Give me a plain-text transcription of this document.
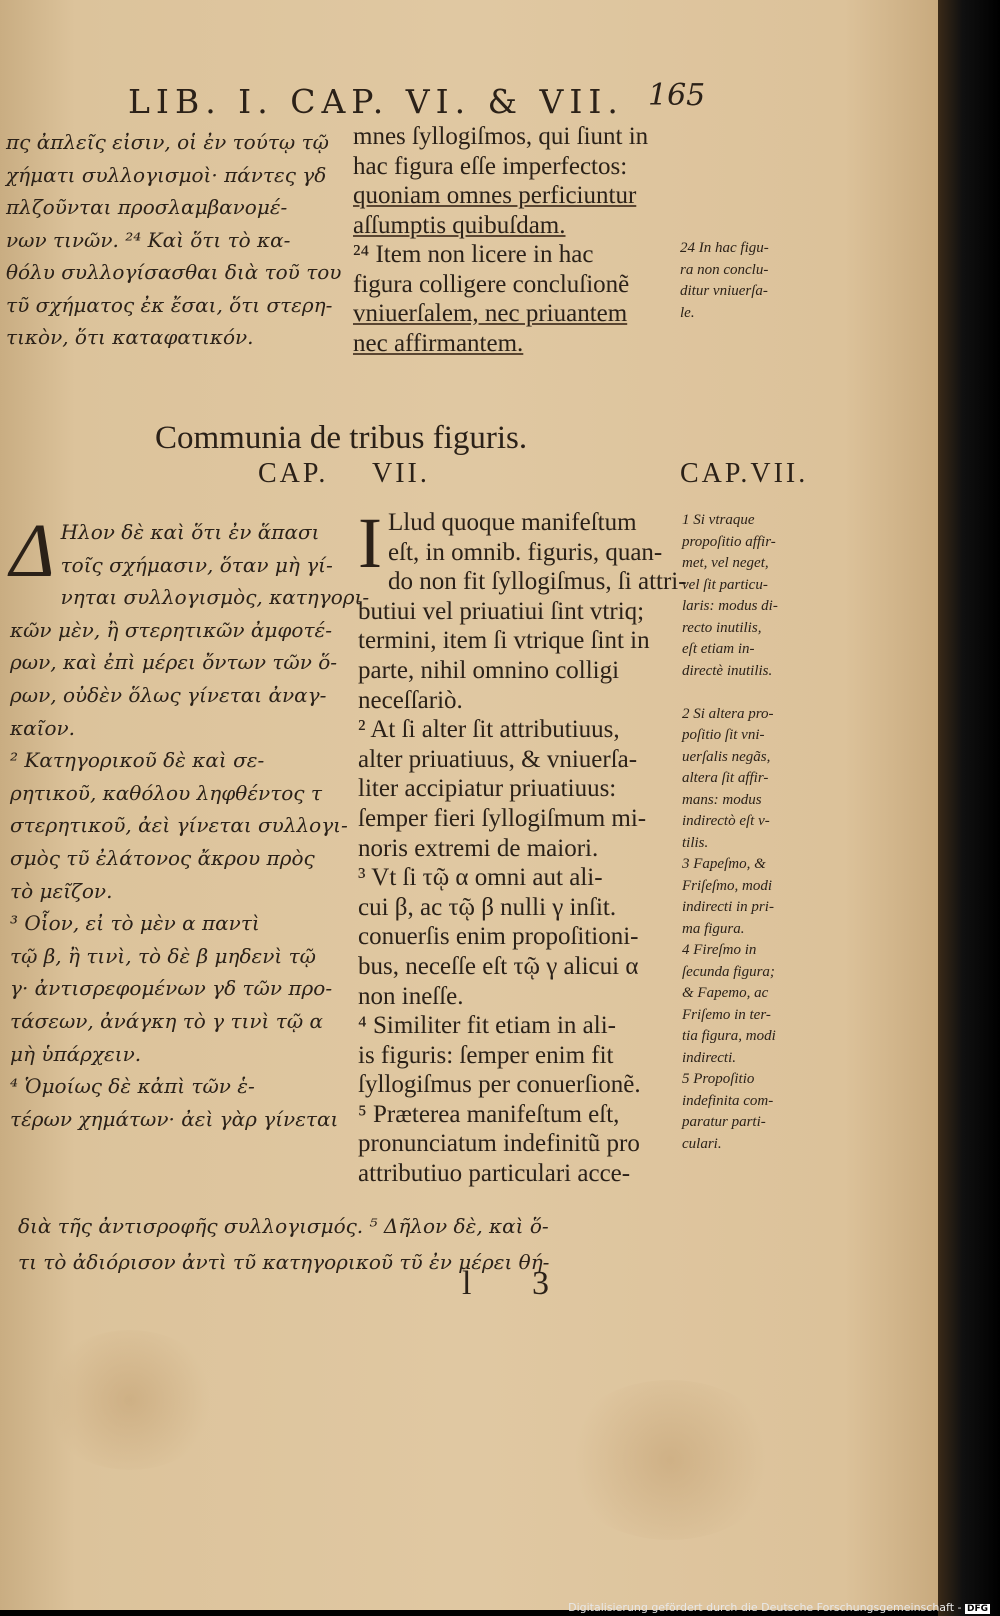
LIB. I. CAP. VI. & VII. 165
πς ἀπλεῖς εἰσιν, οἱ ἐν τούτῳ τῷ
χήματι συλλογισμοὶ· πάντες γδ
πλζοῦνται προσλαμβανομέ-
νων τινῶν. ²⁴ Καὶ ὅτι τὸ κα-
θόλυ συλλογίσασθαι διὰ τοῦ του
τῦ σχήματος ἐκ ἔσαι, ὅτι στερη-
τικὸν, ὅτι καταφατικόν.
mnes ſyllogiſmos, qui ſiunt in
hac figura eſſe imperfectos:
quoniam omnes perficiuntur
aſſumptis quibuſdam.
²⁴ Item non licere in hac
figura colligere concluſionẽ
vniuerſalem, nec priuantem
nec affirmantem.
24 In hac figu-
ra non conclu-
ditur vniuerſa-
le.
Communia de tribus figuris.
CAP. VII.	CAP.VII.
Δ Ηλον δὲ καὶ ὅτι ἐν ἅπασι
τοῖς σχήμασιν, ὅταν μὴ γί-
νηται συλλογισμὸς, κατηγορι-
κῶν μὲν, ἢ στερητικῶν ἀμφοτέ-
ρων, καὶ ἐπὶ μέρει ὄντων τῶν ὅ-
ρων, οὐδὲν ὅλως γίνεται ἀναγ-
καῖον.
² Κατηγορικοῦ δὲ καὶ σε-
ρητικοῦ, καθόλου ληφθέντος τ
στερητικοῦ, ἀεὶ γίνεται συλλογι-
σμὸς τῦ ἐλάτονος ἄκρου πρὸς
τὸ μεῖζον.
³ Οἷον, εἰ τὸ μὲν α παντὶ
τῷ β, ἢ τινὶ, τὸ δὲ β μηδενὶ τῷ
γ· ἀντισρεφομένων γδ τῶν προ-
τάσεων, ἀνάγκη τὸ γ τινὶ τῷ α
μὴ ὑπάρχειν.
⁴ Ὁμοίως δὲ κἀπὶ τῶν ἑ-
τέρων χημάτων· ἀεὶ γὰρ γίνεται
I Llud quoque manifeſtum
eſt, in omnib. figuris, quan-
do non fit ſyllogiſmus, ſi attri-
butiui vel priuatiui ſint vtriq;
termini, item ſi vtrique ſint in
parte, nihil omnino colligi
neceſſariò.
² At ſi alter ſit attributiuus,
alter priuatiuus, & vniuerſa-
liter accipiatur priuatiuus:
ſemper fieri ſyllogiſmum mi-
noris extremi de maiori.
³ Vt ſi τῷ α omni aut ali-
cui β, ac τῷ β nulli γ inſit.
conuerſis enim propoſitioni-
bus, neceſſe eſt τῷ γ alicui α
non ineſſe.
⁴ Similiter fit etiam in ali-
is figuris: ſemper enim fit
ſyllogiſmus per conuerſionẽ.
⁵ Præterea manifeſtum eſt,
pronunciatum indefinitũ pro
attributiuo particulari acce-
1 Si vtraque
propoſitio affir-
met, vel neget,
vel ſit particu-
laris: modus di-
recto inutilis,
eſt etiam in-
directè inutilis.

2 Si altera pro-
poſitio ſit vni-
uerſalis negãs,
altera ſit affir-
mans: modus
indirectò eſt v-
tilis.
3 Fapeſmo, &
Friſeſmo, modi
indirecti in pri-
ma figura.
4 Fireſmo in
ſecunda figura;
& Fapemo, ac
Friſemo in ter-
tia figura, modi
indirecti.
5 Propoſitio
indefinita com-
paratur parti-
culari.
διὰ τῆς ἀντισροφῆς συλλογισμός. ⁵ Δῆλον δὲ, καὶ ὅ-
τι τὸ ἀδιόρισον ἀντὶ τῦ κατηγορικοῦ τῦ ἐν μέρει θή-
l 3
Digitalisierung gefördert durch die Deutsche Forschungsgemeinschaft - DFG
